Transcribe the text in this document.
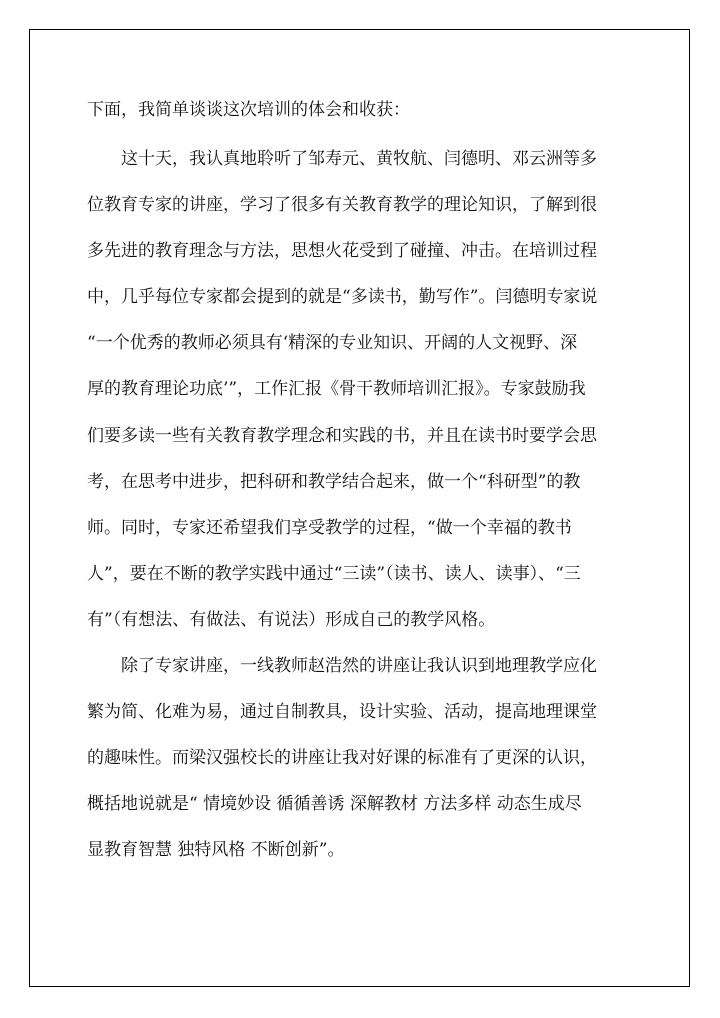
下面，我简单谈谈这次培训的体会和收获：
这十天，我认真地聆听了邹寿元、黄牧航、闫德明、邓云洲等多
位教育专家的讲座，学习了很多有关教育教学的理论知识，了解到很
多先进的教育理念与方法，思想火花受到了碰撞、冲击。在培训过程
中，几乎每位专家都会提到的就是“多读书，勤写作”。闫德明专家说
“一个优秀的教师必须具有‘精深的专业知识、开阔的人文视野、深
厚的教育理论功底’”，工作汇报《骨干教师培训汇报》。专家鼓励我
们要多读一些有关教育教学理念和实践的书，并且在读书时要学会思
考，在思考中进步，把科研和教学结合起来，做一个“科研型”的教
师。同时，专家还希望我们享受教学的过程，“做一个幸福的教书
人”，要在不断的教学实践中通过“三读”（读书、读人、读事）、“三
有”（有想法、有做法、有说法）形成自己的教学风格。
除了专家讲座，一线教师赵浩然的讲座让我认识到地理教学应化
繁为简、化难为易，通过自制教具，设计实验、活动，提高地理课堂
的趣味性。而梁汉强校长的讲座让我对好课的标准有了更深的认识，
概括地说就是“ 情境妙设 循循善诱 深解教材 方法多样 动态生成尽
显教育智慧 独特风格 不断创新”。
